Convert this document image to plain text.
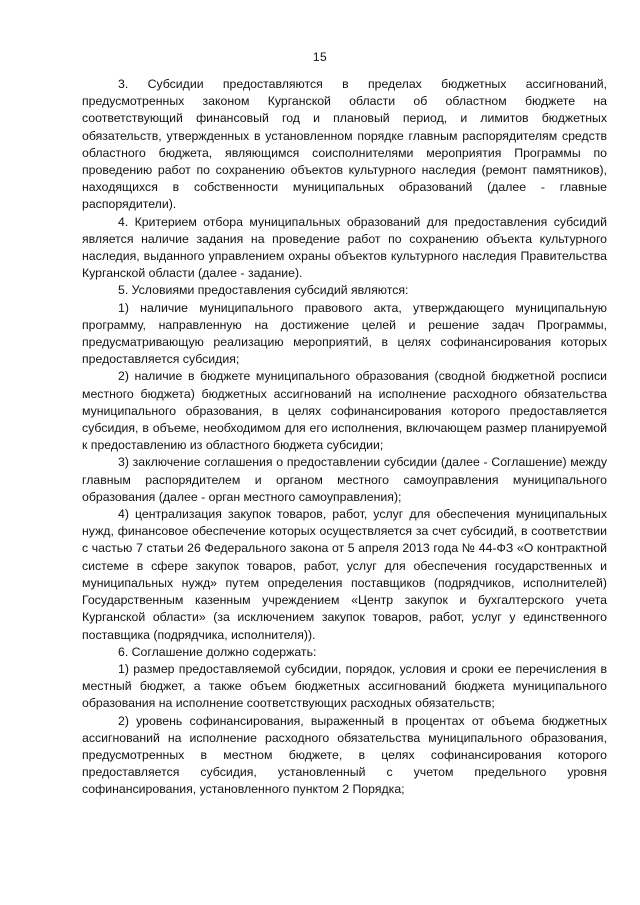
15

3. Субсидии предоставляются в пределах бюджетных ассигнований, предусмотренных законом Курганской области об областном бюджете на соответствующий финансовый год и плановый период, и лимитов бюджетных обязательств, утвержденных в установленном порядке главным распорядителям средств областного бюджета, являющимся соисполнителями мероприятия Программы по проведению работ по сохранению объектов культурного наследия (ремонт памятников), находящихся в собственности муниципальных образований (далее - главные распорядители).

4. Критерием отбора муниципальных образований для предоставления субсидий является наличие задания на проведение работ по сохранению объекта культурного наследия, выданного управлением охраны объектов культурного наследия Правительства Курганской области (далее - задание).

5. Условиями предоставления субсидий являются:

1) наличие муниципального правового акта, утверждающего муниципальную программу, направленную на достижение целей и решение задач Программы, предусматривающую реализацию мероприятий, в целях софинансирования которых предоставляется субсидия;

2) наличие в бюджете муниципального образования (сводной бюджетной росписи местного бюджета) бюджетных ассигнований на исполнение расходного обязательства муниципального образования, в целях софинансирования которого предоставляется субсидия, в объеме, необходимом для его исполнения, включающем размер планируемой к предоставлению из областного бюджета субсидии;

3) заключение соглашения о предоставлении субсидии (далее - Соглашение) между главным распорядителем и органом местного самоуправления муниципального образования (далее - орган местного самоуправления);

4) централизация закупок товаров, работ, услуг для обеспечения муниципальных нужд, финансовое обеспечение которых осуществляется за счет субсидий, в соответствии с частью 7 статьи 26 Федерального закона от 5 апреля 2013 года № 44-ФЗ «О контрактной системе в сфере закупок товаров, работ, услуг для обеспечения государственных и муниципальных нужд» путем определения поставщиков (подрядчиков, исполнителей) Государственным казенным учреждением «Центр закупок и бухгалтерского учета Курганской области» (за исключением закупок товаров, работ, услуг у единственного поставщика (подрядчика, исполнителя)).

6. Соглашение должно содержать:

1) размер предоставляемой субсидии, порядок, условия и сроки ее перечисления в местный бюджет, а также объем бюджетных ассигнований бюджета муниципального образования на исполнение соответствующих расходных обязательств;

2) уровень софинансирования, выраженный в процентах от объема бюджетных ассигнований на исполнение расходного обязательства муниципального образования, предусмотренных в местном бюджете, в целях софинансирования которого предоставляется субсидия, установленный с учетом предельного уровня софинансирования, установленного пунктом 2 Порядка;
